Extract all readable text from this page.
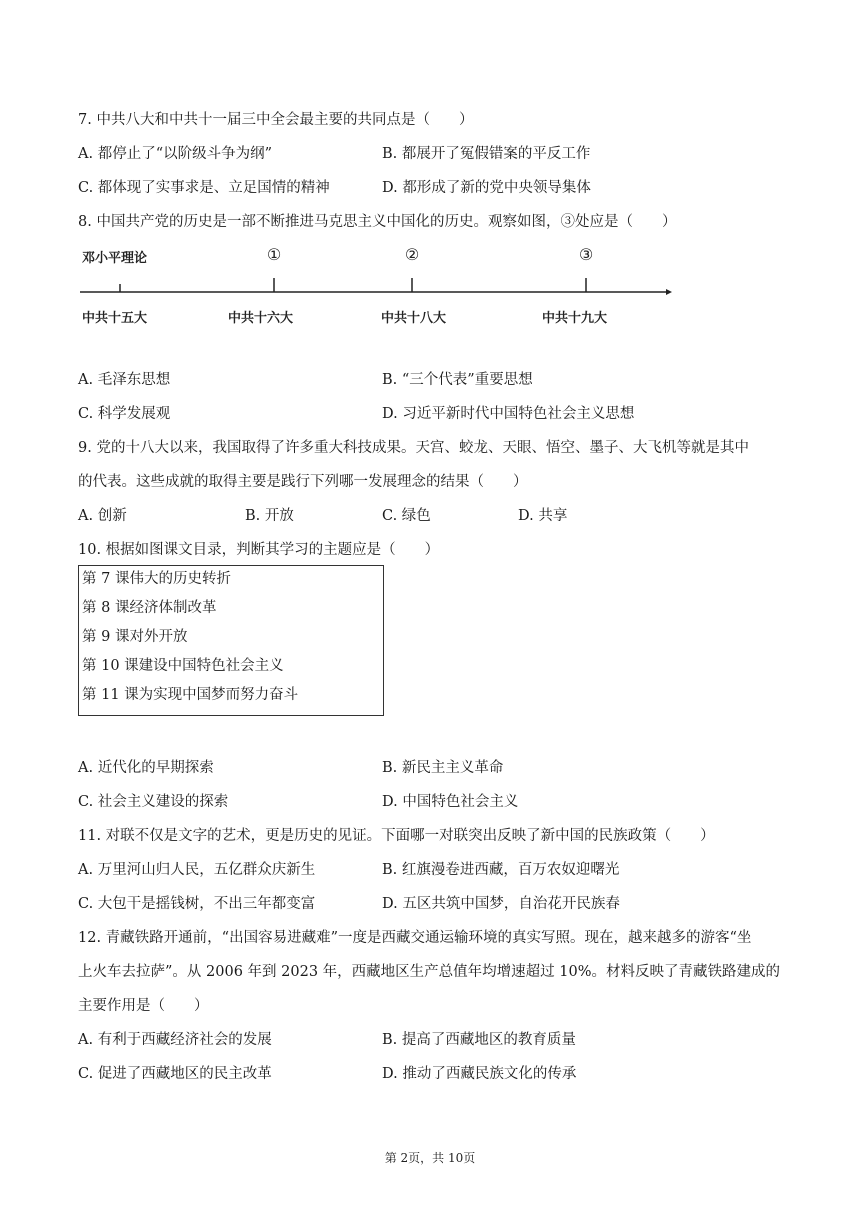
7. 中共八大和中共十一届三中全会最主要的共同点是（　　）
A. 都停止了“以阶级斗争为纲”	B. 都展开了冤假错案的平反工作
C. 都体现了实事求是、立足国情的精神	D. 都形成了新的党中央领导集体
8. 中国共产党的历史是一部不断推进马克思主义中国化的历史。观察如图，③处应是（　　）
邓小平理论	①	②	③
中共十五大	中共十六大	中共十八大	中共十九大
A. 毛泽东思想	B. “三个代表”重要思想
C. 科学发展观	D. 习近平新时代中国特色社会主义思想
9. 党的十八大以来，我国取得了许多重大科技成果。天宫、蛟龙、天眼、悟空、墨子、大飞机等就是其中
的代表。这些成就的取得主要是践行下列哪一发展理念的结果（　　）
A. 创新	B. 开放	C. 绿色	D. 共享
10. 根据如图课文目录，判断其学习的主题应是（　　）
第 7 课伟大的历史转折
第 8 课经济体制改革
第 9 课对外开放
第 10 课建设中国特色社会主义
第 11 课为实现中国梦而努力奋斗
A. 近代化的早期探索	B. 新民主主义革命
C. 社会主义建设的探索	D. 中国特色社会主义
11. 对联不仅是文字的艺术，更是历史的见证。下面哪一对联突出反映了新中国的民族政策（　　）
A. 万里河山归人民，五亿群众庆新生	B. 红旗漫卷进西藏，百万农奴迎曙光
C. 大包干是摇钱树，不出三年都变富	D. 五区共筑中国梦，自治花开民族春
12. 青藏铁路开通前，“出国容易进藏难”一度是西藏交通运输环境的真实写照。现在，越来越多的游客“坐
上火车去拉萨”。从 2006 年到 2023 年，西藏地区生产总值年均增速超过 10%。材料反映了青藏铁路建成的
主要作用是（　　）
A. 有利于西藏经济社会的发展	B. 提高了西藏地区的教育质量
C. 促进了西藏地区的民主改革	D. 推动了西藏民族文化的传承
第 2页，共 10页
